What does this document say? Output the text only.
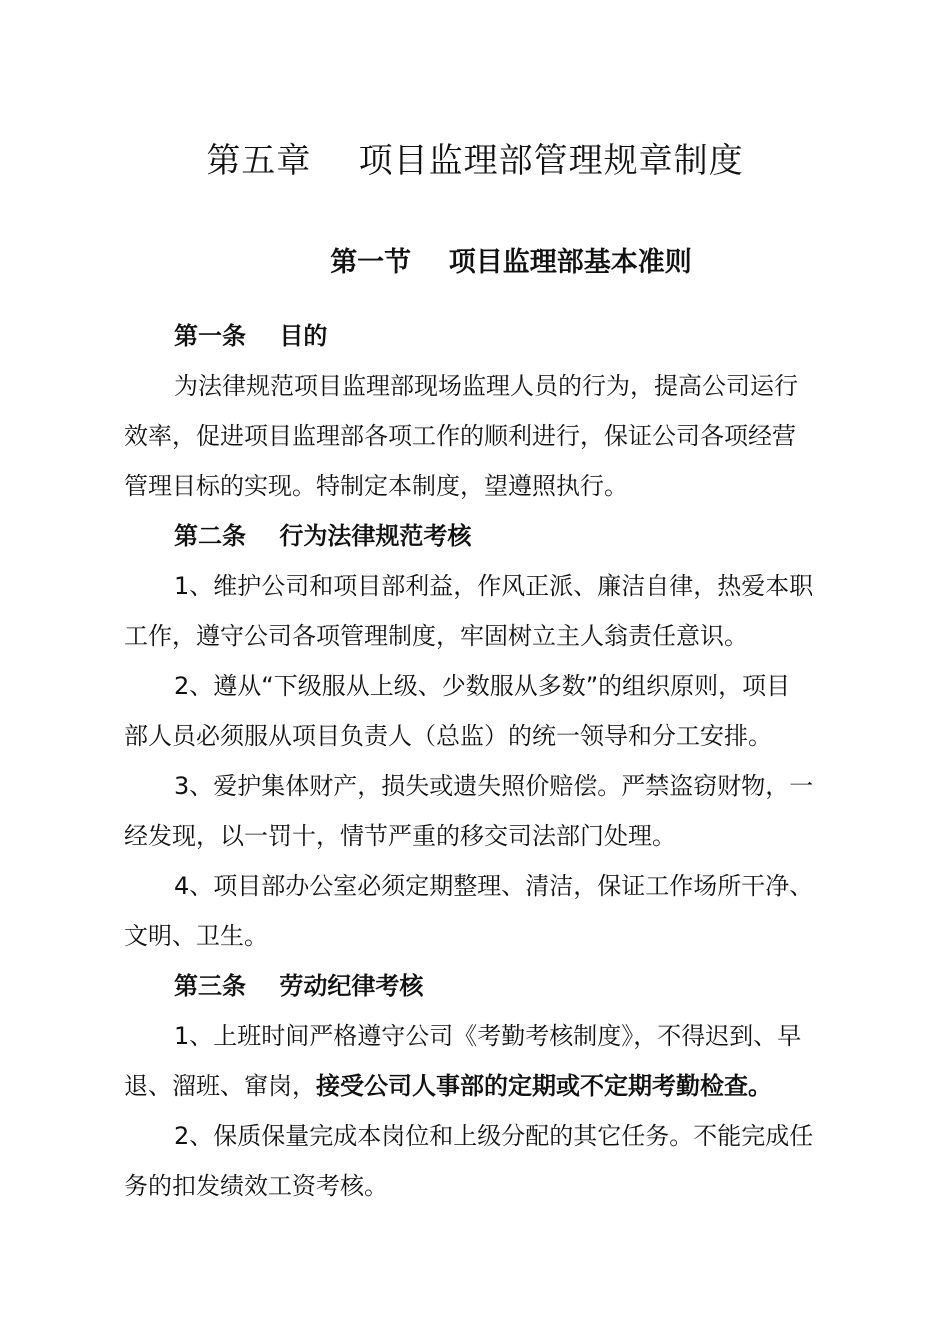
第五章    项目监理部管理规章制度
第一节    项目监理部基本准则
第一条    目的
为法律规范项目监理部现场监理人员的行为，提高公司运行
效率，促进项目监理部各项工作的顺利进行，保证公司各项经营
管理目标的实现。特制定本制度，望遵照执行。
第二条    行为法律规范考核
1、维护公司和项目部利益，作风正派、廉洁自律，热爱本职
工作，遵守公司各项管理制度，牢固树立主人翁责任意识。
2、遵从“下级服从上级、少数服从多数”的组织原则，项目
部人员必须服从项目负责人（总监）的统一领导和分工安排。
3、爱护集体财产，损失或遗失照价赔偿。严禁盗窃财物，一
经发现，以一罚十，情节严重的移交司法部门处理。
4、项目部办公室必须定期整理、清洁，保证工作场所干净、
文明、卫生。
第三条    劳动纪律考核
1、上班时间严格遵守公司《考勤考核制度》，不得迟到、早
退、溜班、窜岗，接受公司人事部的定期或不定期考勤检查。
2、保质保量完成本岗位和上级分配的其它任务。不能完成任
务的扣发绩效工资考核。
